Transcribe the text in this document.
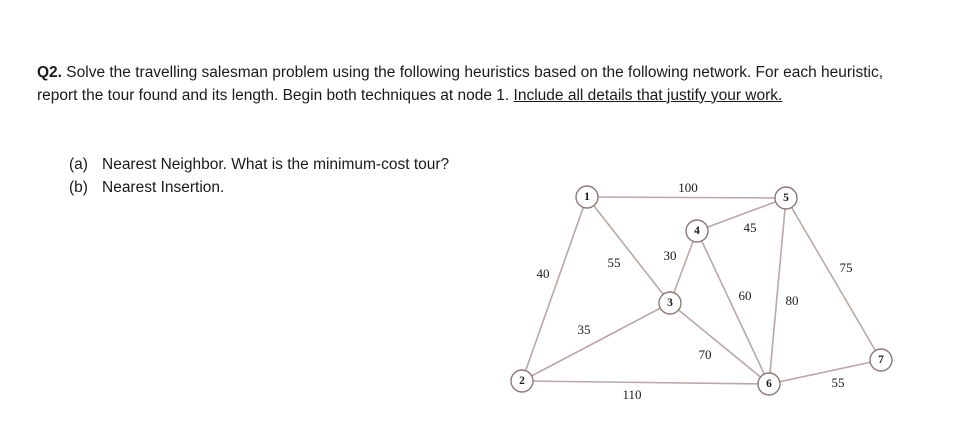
Q2. Solve the travelling salesman problem using the following heuristics based on the following network. For each heuristic, report the tour found and its length. Begin both techniques at node 1. Include all details that justify your work.
(a) Nearest Neighbor. What is the minimum-cost tour?
(b) Nearest Insertion.	100
40
55
35
110
30
70
45
60	80
75
55
1
2
3
4
5
6
7
